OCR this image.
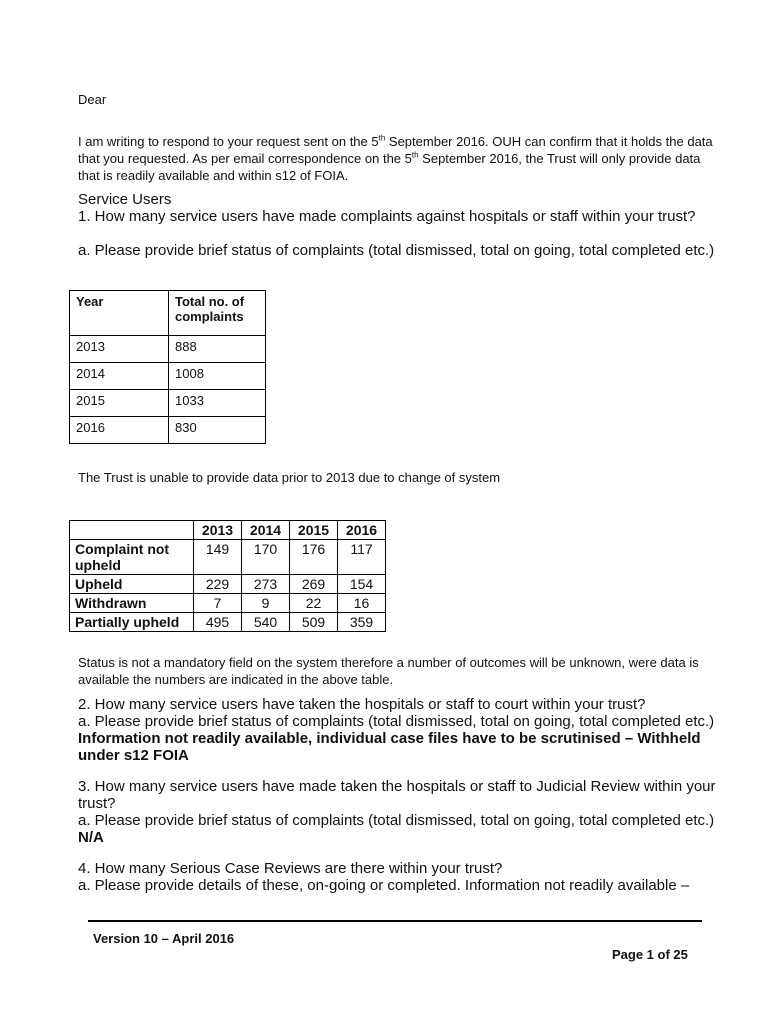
Dear
I am writing to respond to your request sent on the 5th September 2016. OUH can confirm that it holds the data that you requested. As per email correspondence on the 5th September 2016, the Trust will only provide data that is readily available and within s12 of FOIA.
Service Users
1. How many service users have made complaints against hospitals or staff within your trust?
a. Please provide brief status of complaints (total dismissed, total on going, total completed etc.)
Year	Total no. of complaints
2013	888
2014	1008
2015	1033
2016	830
The Trust is unable to provide data prior to 2013 due to change of system
	2013	2014	2015	2016
Complaint not upheld	149	170	176	117
Upheld	229	273	269	154
Withdrawn	7	9	22	16
Partially upheld	495	540	509	359
Status is not a mandatory field on the system therefore a number of outcomes will be unknown, were data is available the numbers are indicated in the above table.
2. How many service users have taken the hospitals or staff to court within your trust?
a. Please provide brief status of complaints (total dismissed, total on going, total completed etc.) Information not readily available, individual case files have to be scrutinised – Withheld under s12 FOIA
3. How many service users have made taken the hospitals or staff to Judicial Review within your trust?
a. Please provide brief status of complaints (total dismissed, total on going, total completed etc.) N/A
4. How many Serious Case Reviews are there within your trust?
a. Please provide details of these, on-going or completed. Information not readily available –
Version 10 – April 2016
Page 1 of 25
